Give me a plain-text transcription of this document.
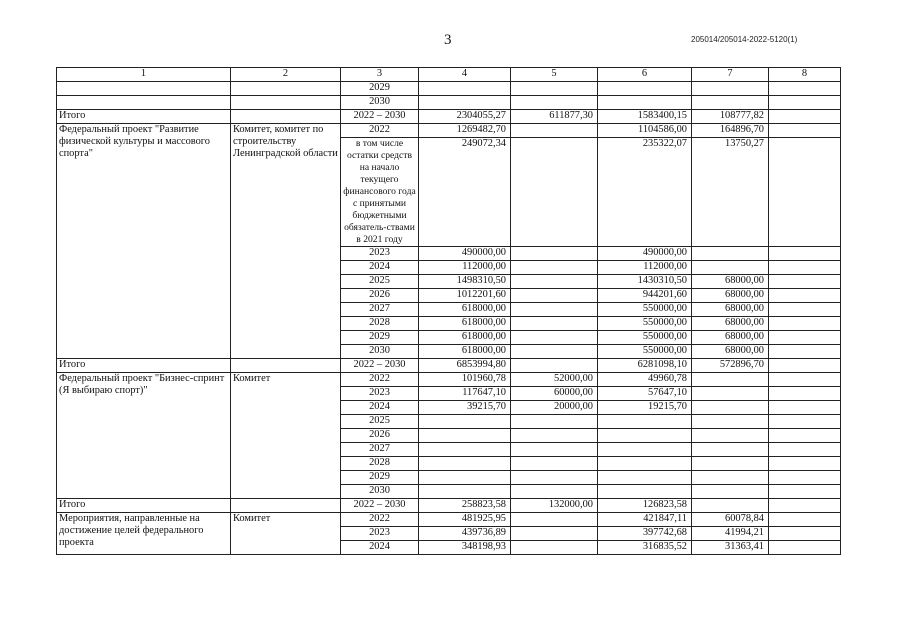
3	205014/205014-2022-5120(1)
1	2	3	4	5	6	7	8
		2029					
		2030					
Итого		2022 – 2030	2304055,27	611877,30	1583400,15	108777,82	
Федеральный проект "Развитие физической культуры и массового спорта"	Комитет, комитет по строительству Ленинградской области	2022	1269482,70		1104586,00	164896,70	
		в том числе остатки средств на начало текущего финансового года с принятыми бюджетными обязатель-ствами в 2021 году	249072,34		235322,07	13750,27	
		2023	490000,00		490000,00		
		2024	112000,00		112000,00		
		2025	1498310,50		1430310,50	68000,00	
		2026	1012201,60		944201,60	68000,00	
		2027	618000,00		550000,00	68000,00	
		2028	618000,00		550000,00	68000,00	
		2029	618000,00		550000,00	68000,00	
		2030	618000,00		550000,00	68000,00	
Итого		2022 – 2030	6853994,80		6281098,10	572896,70	
Федеральный проект "Бизнес-спринт (Я выбираю спорт)"	Комитет	2022	101960,78	52000,00	49960,78		
		2023	117647,10	60000,00	57647,10		
		2024	39215,70	20000,00	19215,70		
		2025					
		2026					
		2027					
		2028					
		2029					
		2030					
Итого		2022 – 2030	258823,58	132000,00	126823,58		
Мероприятия, направленные на достижение целей федерального проекта	Комитет	2022	481925,95		421847,11	60078,84	
		2023	439736,89		397742,68	41994,21	
		2024	348198,93		316835,52	31363,41	
